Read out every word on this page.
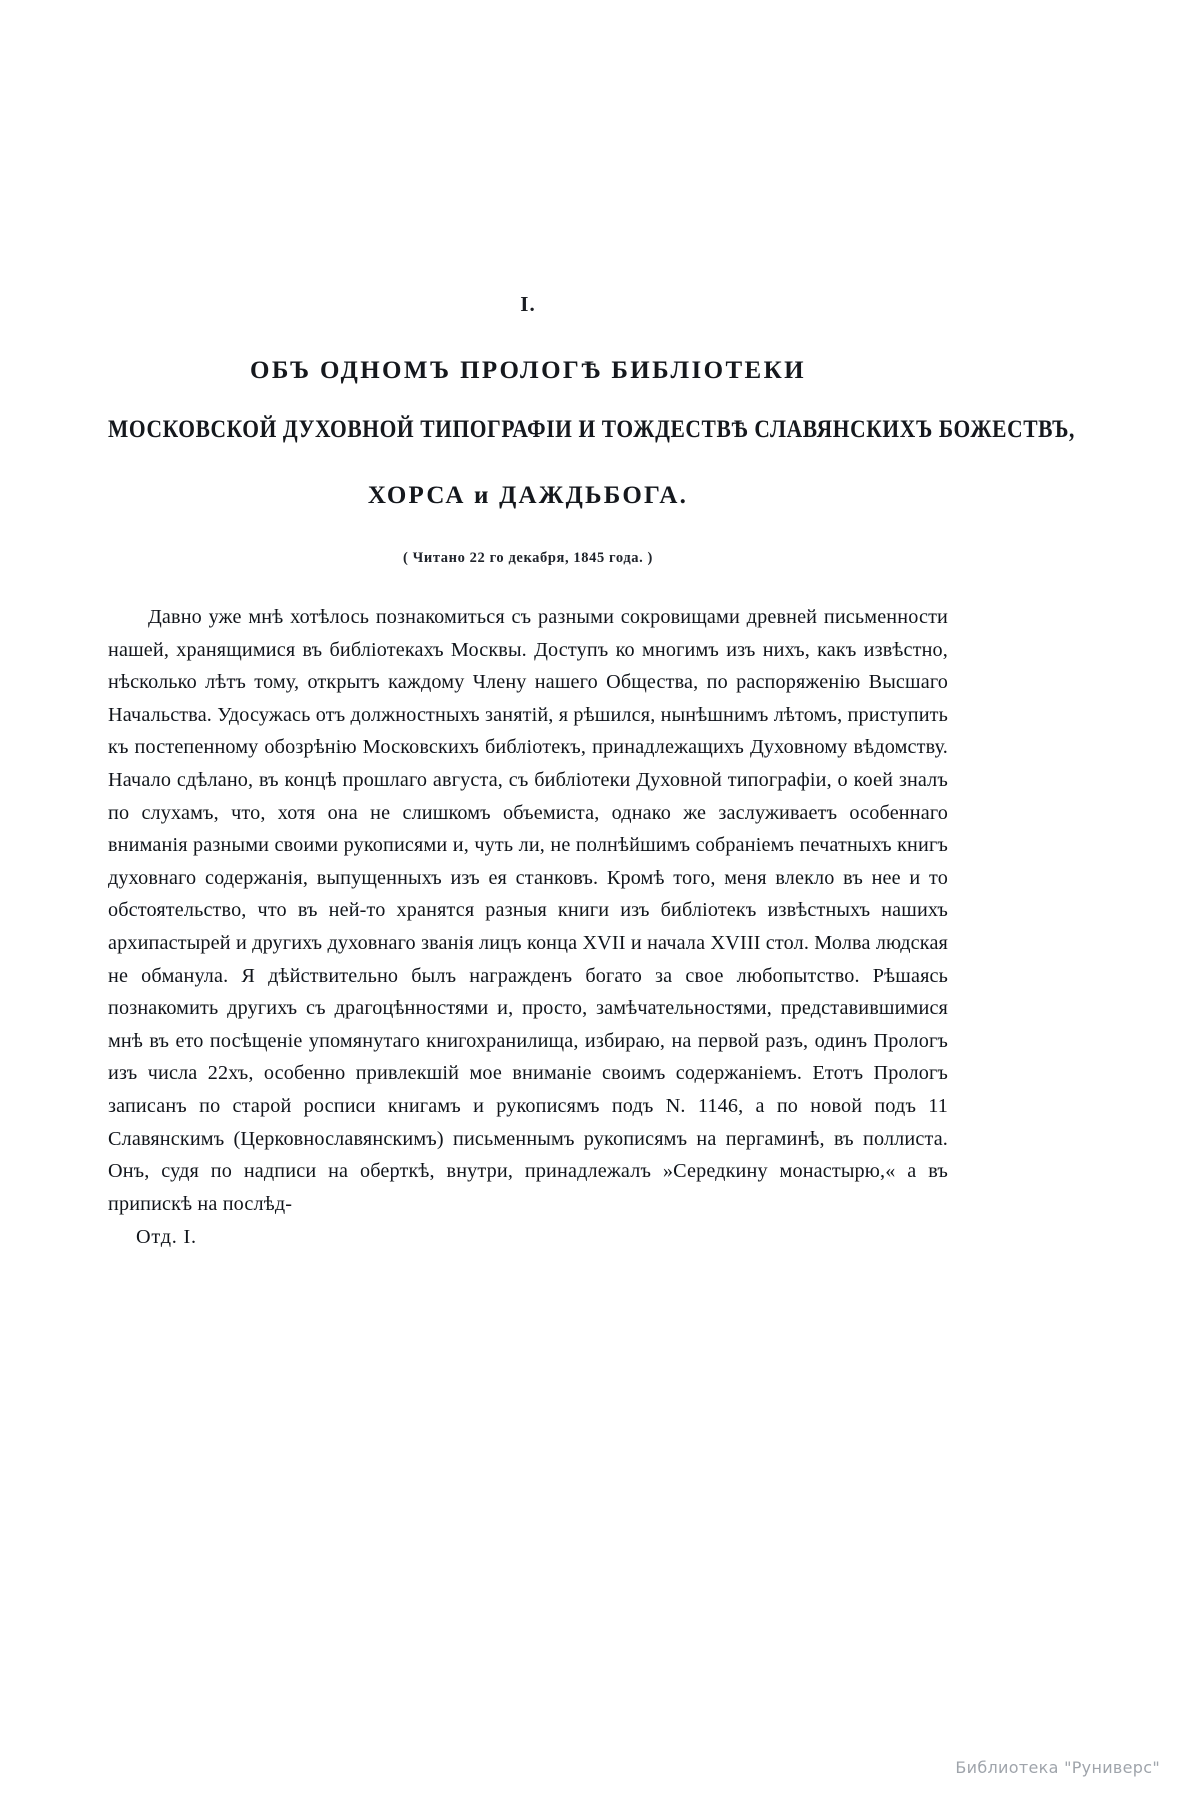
I.
ОБЪ ОДНОМЪ ПРОЛОГѢ БИБЛIОТЕКИ
МОСКОВСКОЙ ДУХОВНОЙ ТИПОГРАФIИ И ТОЖДЕСТВѢ СЛАВЯНСКИХЪ БОЖЕСТВЪ,
ХОРСА и ДАЖДЬБОГА.
( Читано 22 го декабря, 1845 года. )
Давно уже мнѣ хотѣлось познакомиться съ разными сокровищами древней письменности нашей, хранящимися въ библiотекахъ Москвы. Доступъ ко многимъ изъ нихъ, какъ извѣстно, нѣсколько лѣтъ тому, открытъ каждому Члену нашего Общества, по распоряженiю Высшаго Начальства. Удосужась отъ должностныхъ занятiй, я рѣшился, нынѣшнимъ лѣтомъ, приступить къ постепенному обозрѣнiю Московскихъ библiотекъ, принадлежащихъ Духовному вѣдомству. Начало сдѣлано, въ концѣ прошлаго августа, съ библiотеки Духовной типографiи, о коей зналъ по слухамъ, что, хотя она не слишкомъ объемиста, однако же заслуживаетъ особеннаго вниманiя разными своими рукописями и, чуть ли, не полнѣйшимъ собранiемъ печатныхъ книгъ духовнаго содержанiя, выпущенныхъ изъ ея станковъ. Кромѣ того, меня влекло въ нее и то обстоятельство, что въ ней-то хранятся разныя книги изъ библiотекъ извѣстныхъ нашихъ архипастырей и другихъ духовнаго званiя лицъ конца XVII и начала XVIII стол. Молва людская не обманула. Я дѣйствительно былъ награжденъ богато за свое любопытство. Рѣшаясь познакомить другихъ съ драгоцѣнностями и, просто, замѣчательностями, представившимися мнѣ въ ето посѣщенiе упомянутаго книгохранилища, избираю, на первой разъ, одинъ Прологъ изъ числа 22хъ, особенно привлекшiй мое вниманiе своимъ содержанiемъ. Етотъ Прологъ записанъ по старой росписи книгамъ и рукописямъ подъ N. 1146, а по новой подъ 11 Славянскимъ (Церковнославянскимъ) письменнымъ рукописямъ на пергаминѣ, въ поллиста. Онъ, судя по надписи на оберткѣ, внутри, принадлежалъ »Середкину монастырю,« а въ припискѣ на послѣд-
Отд. I.
Библиотека "Руниверс"
